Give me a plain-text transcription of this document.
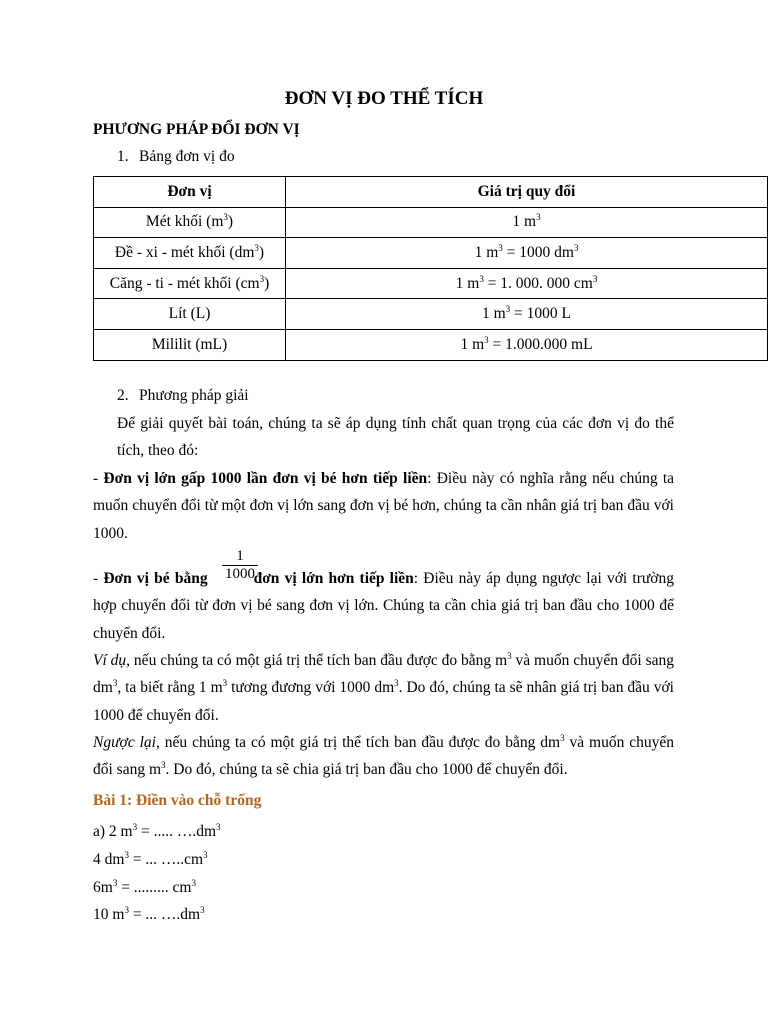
ĐƠN VỊ ĐO THỂ TÍCH
PHƯƠNG PHÁP ĐỔI ĐƠN VỊ
1. Bảng đơn vị đo
Đơn vị	Giá trị quy đổi
Mét khối $(m^3)$	1 $m^3$
Đề - xi - mét khối $(dm^3)$	1 $m^3 = 1000$ $dm^3$
Căng - ti - mét khối $(cm^3)$	1 $m^3 = 1$. 000. 000 $cm^3$
Lít (L)	1 $m^3 = 1000$ L
Mililit (mL)	1 $m^3 = 1.000.000$ mL
2. Phương pháp giải
Để giải quyết bài toán, chúng ta sẽ áp dụng tính chất quan trọng của các đơn vị đo thể tích, theo đó:
- Đơn vị lớn gấp 1000 lần đơn vị bé hơn tiếp liền: Điều này có nghĩa rằng nếu chúng ta muốn chuyển đổi từ một đơn vị lớn sang đơn vị bé hơn, chúng ta cần nhân giá trị ban đầu với 1000.
$\frac{1}{1000}$
- Đơn vị bé bằng	đơn vị lớn hơn tiếp liền: Điều này áp dụng ngược lại với trường hợp chuyển đổi từ đơn vị bé sang đơn vị lớn. Chúng ta cần chia giá trị ban đầu cho 1000 để chuyển đổi.
Ví dụ, nếu chúng ta có một giá trị thể tích ban đầu được đo bằng $m^3$ và muốn chuyển đổi sang $dm^3$, ta biết rằng 1 $m^3$ tương đương với 1000 $dm^3$. Do đó, chúng ta sẽ nhân giá trị ban đầu với 1000 để chuyển đổi.
Ngược lại, nếu chúng ta có một giá trị thể tích ban đầu được đo bằng $dm^3$ và muốn chuyển đổi sang $m^3$. Do đó, chúng ta sẽ chia giá trị ban đầu cho 1000 để chuyển đổi.
Bài 1: Điền vào chỗ trống
a) 2 $m^3$ = ..... $\dots.dm^3$
4 $dm^3$ = ... $\dots..cm^3$
$6m^3$ = ......... $cm^3$
10 $m^3$ = ... $\dots.dm^3$
